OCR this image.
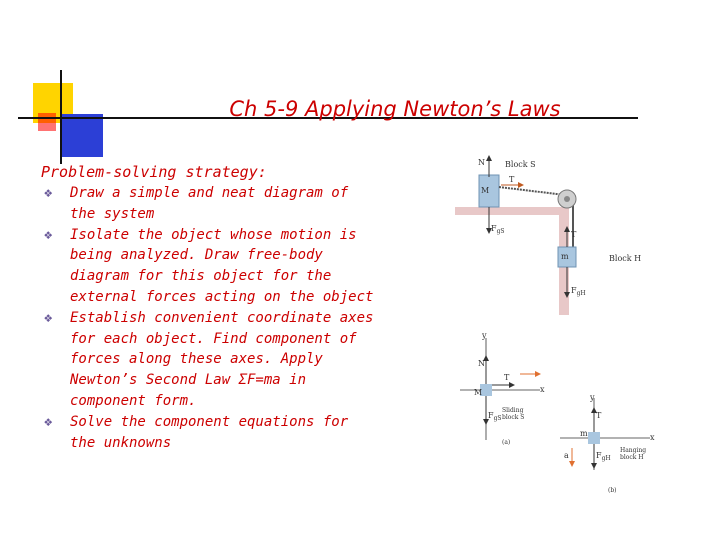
Ch 5-9 Applying Newton’s Laws
Problem-solving strategy:
❖ Draw a simple and neat diagram of the system
❖ Isolate the object whose motion is being analyzed. Draw free-body diagram for this object for the external forces acting on the object
❖ Establish convenient coordinate axes for each object. Find component of forces along these axes. Apply Newton’s Second Law ΣF=ma in component form.
❖ Solve the component equations for the unknowns
Block S
M
N
T
$F_{gS}$	T
m
$F_{gH}$
Block H
y
x
N
M
T
$F_{gS}$
Sliding
block S
(a)
y
x
T
m
a	$F_{gH}$
Hanging
block H
(b)
